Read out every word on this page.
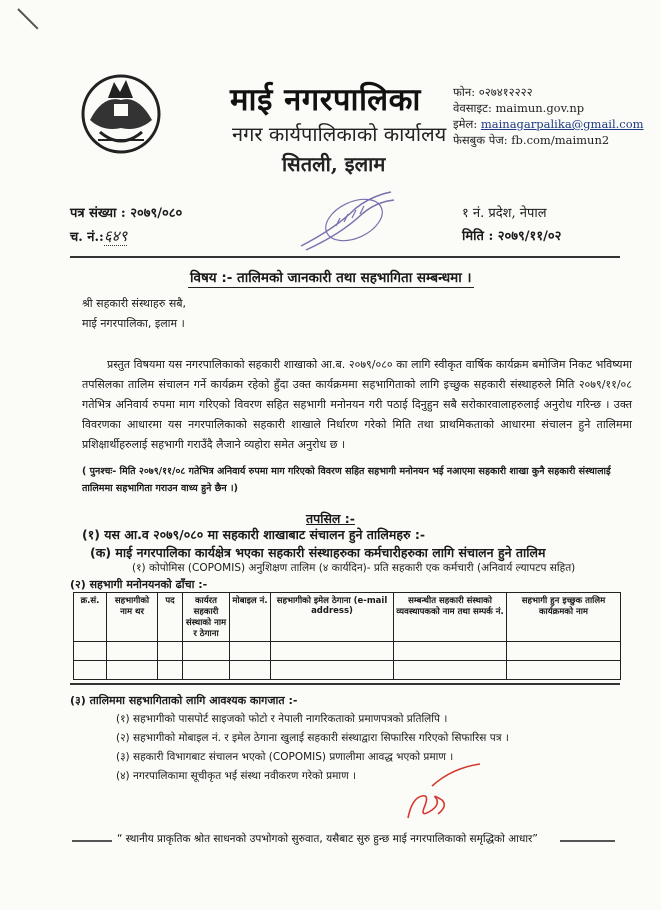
माई नगरपालिका
नगर कार्यपालिकाको कार्यालय
सितली, इलाम
फोन: ०२७४१२२२२
वेवसाइट: maimun.gov.np
इमेल: mainagarpalika@gmail.com
फेसबुक पेज: fb.com/maimun2
पत्र संख्या : २०७९/०८०
च. नं.:६४९
१ नं. प्रदेश, नेपाल
मिति : २०७९/११/०२
विषय :- तालिमको जानकारी तथा सहभागिता सम्बन्धमा ।
श्री सहकारी संस्थाहरु सबै,
माई नगरपालिका, इलाम ।
प्रस्तुत विषयमा यस नगरपालिकाको सहकारी शाखाको आ.ब. २०७९/०८० का लागि स्वीकृत वार्षिक कार्यक्रम बमोजिम निकट भविष्यमा तपसिलका तालिम संचालन गर्ने कार्यक्रम रहेको हुँदा उक्त कार्यक्रममा सहभागिताको लागि इच्छुक सहकारी संस्थाहरुले मिति २०७९/११/०८ गतेभित्र अनिवार्य रुपमा माग गरिएको विवरण सहित सहभागी मनोनयन गरी पठाई दिनुहुन सबै सरोकारवालाहरुलाई अनुरोध गरिन्छ । उक्त विवरणका आधारमा यस नगरपालिकाको सहकारी शाखाले निर्धारण गरेको मिति तथा प्राथमिकताको आधारमा संचालन हुने तालिममा प्रशिक्षार्थीहरुलाई सहभागी गराउँदै लैजाने व्यहोरा समेत अनुरोध छ ।
( पुनश्चः- मिति २०७९/११/०८ गतेभित्र अनिवार्य रुपमा माग गरिएको विवरण सहित सहभागी मनोनयन भई नआएमा सहकारी शाखा कुनै सहकारी संस्थालाई तालिममा सहभागिता गराउन वाध्य हुने छैन ।)
तपसिल :-
(१) यस आ.व २०७९/०८० मा सहकारी शाखाबाट संचालन हुने तालिमहरु :-
(क) माई नगरपालिका कार्यक्षेत्र भएका सहकारी संस्थाहरुका कर्मचारीहरुका लागि संचालन हुने तालिम
(१) कोपोमिस (COPOMIS) अनुशिक्षण तालिम (४ कार्यदिन)- प्रति सहकारी एक कर्मचारी (अनिवार्य ल्यापटप सहित)
(२) सहभागी मनोनयनको ढाँचा :-
क्र.सं.	सहभागीको नाम थर	पद	कार्यरत सहकारी संस्थाको नाम र ठेगाना	मोबाइल नं.	सहभागीको इमेल ठेगाना (e-mail address)	सम्बन्धीत सहकारी संस्थाको व्यवस्थापकको नाम तथा सम्पर्क नं.	सहभागी हुन इच्छुक तालिम कार्यक्रमको नाम

(३) तालिममा सहभागिताको लागि आवश्यक कागजात :-
(१) सहभागीको पासपोर्ट साइजको फोटो र नेपाली नागरिकताको प्रमाणपत्रको प्रतिलिपि ।
(२) सहभागीको मोबाइल नं. र इमेल ठेगाना खुलाई सहकारी संस्थाद्वारा सिफारिस गरिएको सिफारिस पत्र ।
(३) सहकारी विभागबाट संचालन भएको (COPOMIS) प्रणालीमा आवद्ध भएको प्रमाण ।
(४) नगरपालिकामा सूचीकृत भई संस्था नवीकरण गरेको प्रमाण ।
“ स्थानीय प्राकृतिक श्रोत साधनको उपभोगको सुरुवात, यसैबाट सुरु हुन्छ माई नगरपालिकाको समृद्धिको आधार”
